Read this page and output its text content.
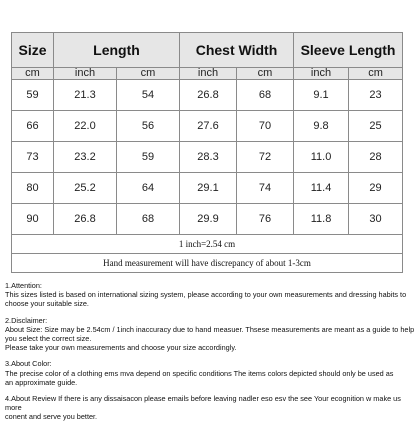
Size	Length		Chest Width		Sleeve Length	
cm	inch	cm	inch	cm	inch	cm
59	21.3	54	26.8	68	9.1	23
66	22.0	56	27.6	70	9.8	25
73	23.2	59	28.3	72	11.0	28
80	25.2	64	29.1	74	11.4	29
90	26.8	68	29.9	76	11.8	30
1 inch=2.54 cm						
Hand measurement will have discrepancy of about 1-3cm						

1.Attention:

This sizes listed is based on international sizing system, please according to your own measurements and dressing habits to choose your suitable size.

2.Disclaimer:

About Size: Size may be 2.54cm / 1inch inaccuracy due to hand measuer. Thsese measurements are meant as a guide to help you select the correct size.

Please take your own measurements and choose your size accordingly.

3.About Color:

The precise color of a clothing ems mva depend on specific conditions The items colors depicted should only be used as

an approximate guide.

4.About Review If there is any dissaisacon please emails before leaving nadler eso esv the see Your ecognition w make us more

conent and serve you better.
